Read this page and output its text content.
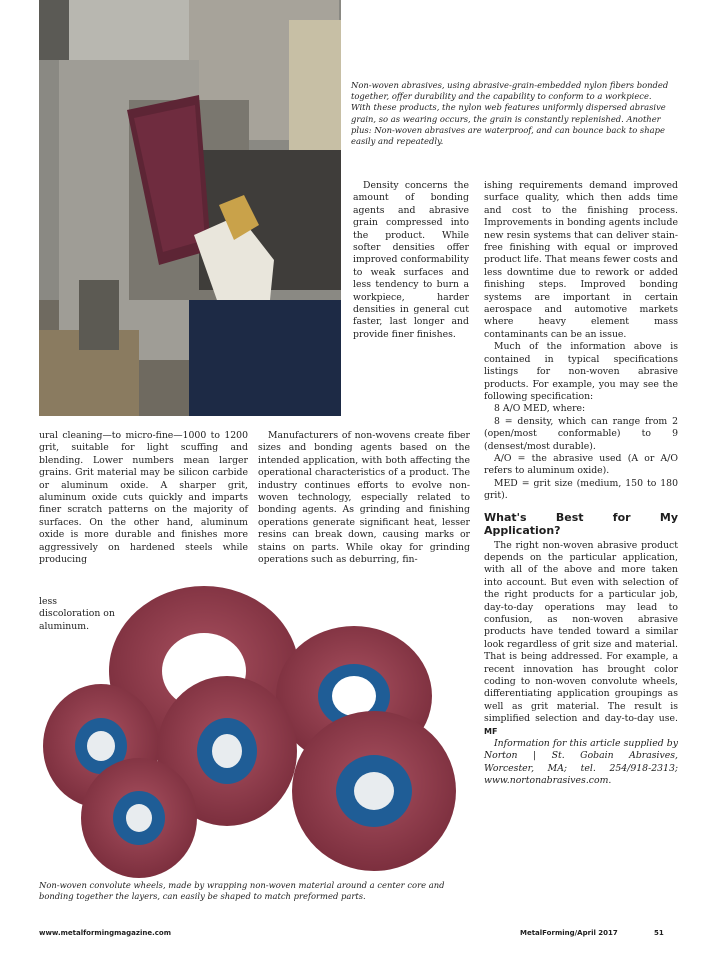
Non-woven abrasives, using abrasive-grain-embedded nylon fibers bonded together, offer durability and the capability to conform to a workpiece. With these products, the nylon web features uniformly dispersed abrasive grain, so as wearing occurs, the grain is constantly replenished. Another plus: Non-woven abrasives are waterproof, and can bounce back to shape easily and repeatedly.

Density concerns the amount of bonding agents and abrasive grain compressed into the product. While softer densities offer improved conformability to weak surfaces and less tendency to burn a workpiece, harder densities in general cut faster, last longer and provide finer finishes.

ishing requirements demand improved surface quality, which then adds time and cost to the finishing process. Improvements in bonding agents include new resin systems that can deliver stain-free finishing with equal or improved product life. That means fewer costs and less downtime due to rework or added finishing steps. Improved bonding systems are important in certain aerospace and automotive markets where heavy element mass contaminants can be an issue.

Much of the information above is contained in typical specifications listings for non-woven abrasive products. For example, you may see the following specification:

8 A/O MED, where:

8 = density, which can range from 2 (open/most conformable) to 9 (densest/most durable).

A/O = the abrasive used (A or A/O refers to aluminum oxide).

MED = grit size (medium, 150 to 180 grit).

What's Best for My Application?

The right non-woven abrasive product depends on the particular application, with all of the above and more taken into account. But even with selection of the right products for a particular job, day-to-day operations may lead to confusion, as non-woven abrasive products have tended toward a similar look regardless of grit size and material. That is being addressed. For example, a recent innovation has brought color coding to non-woven convolute wheels, differentiating application groupings as well as grit material. The result is simplified selection and day-to-day use. MF

Information for this article supplied by Norton | St. Gobain Abrasives, Worcester, MA; tel. 254/918-2313; www.nortonabrasives.com.

ural cleaning—to micro-fine—1000 to 1200 grit, suitable for light scuffing and blending. Lower numbers mean larger grains. Grit material may be silicon carbide or aluminum oxide. A sharper grit, aluminum oxide cuts quickly and imparts finer scratch patterns on the majority of surfaces. On the other hand, aluminum oxide is more durable and finishes more aggressively on hardened steels while producing

less discoloration on aluminum.

Manufacturers of non-wovens create fiber sizes and bonding agents based on the intended application, with both affecting the operational characteristics of a product. The industry continues efforts to evolve non-woven technology, especially related to bonding agents. As grinding and finishing operations generate significant heat, lesser resins can break down, causing marks or stains on parts. While okay for grinding operations such as deburring, fin-

Non-woven convolute wheels, made by wrapping non-woven material around a center core and bonding together the layers, can easily be shaped to match preformed parts.
www.metalformingmagazine.com	MetalForming/April 2017	51
